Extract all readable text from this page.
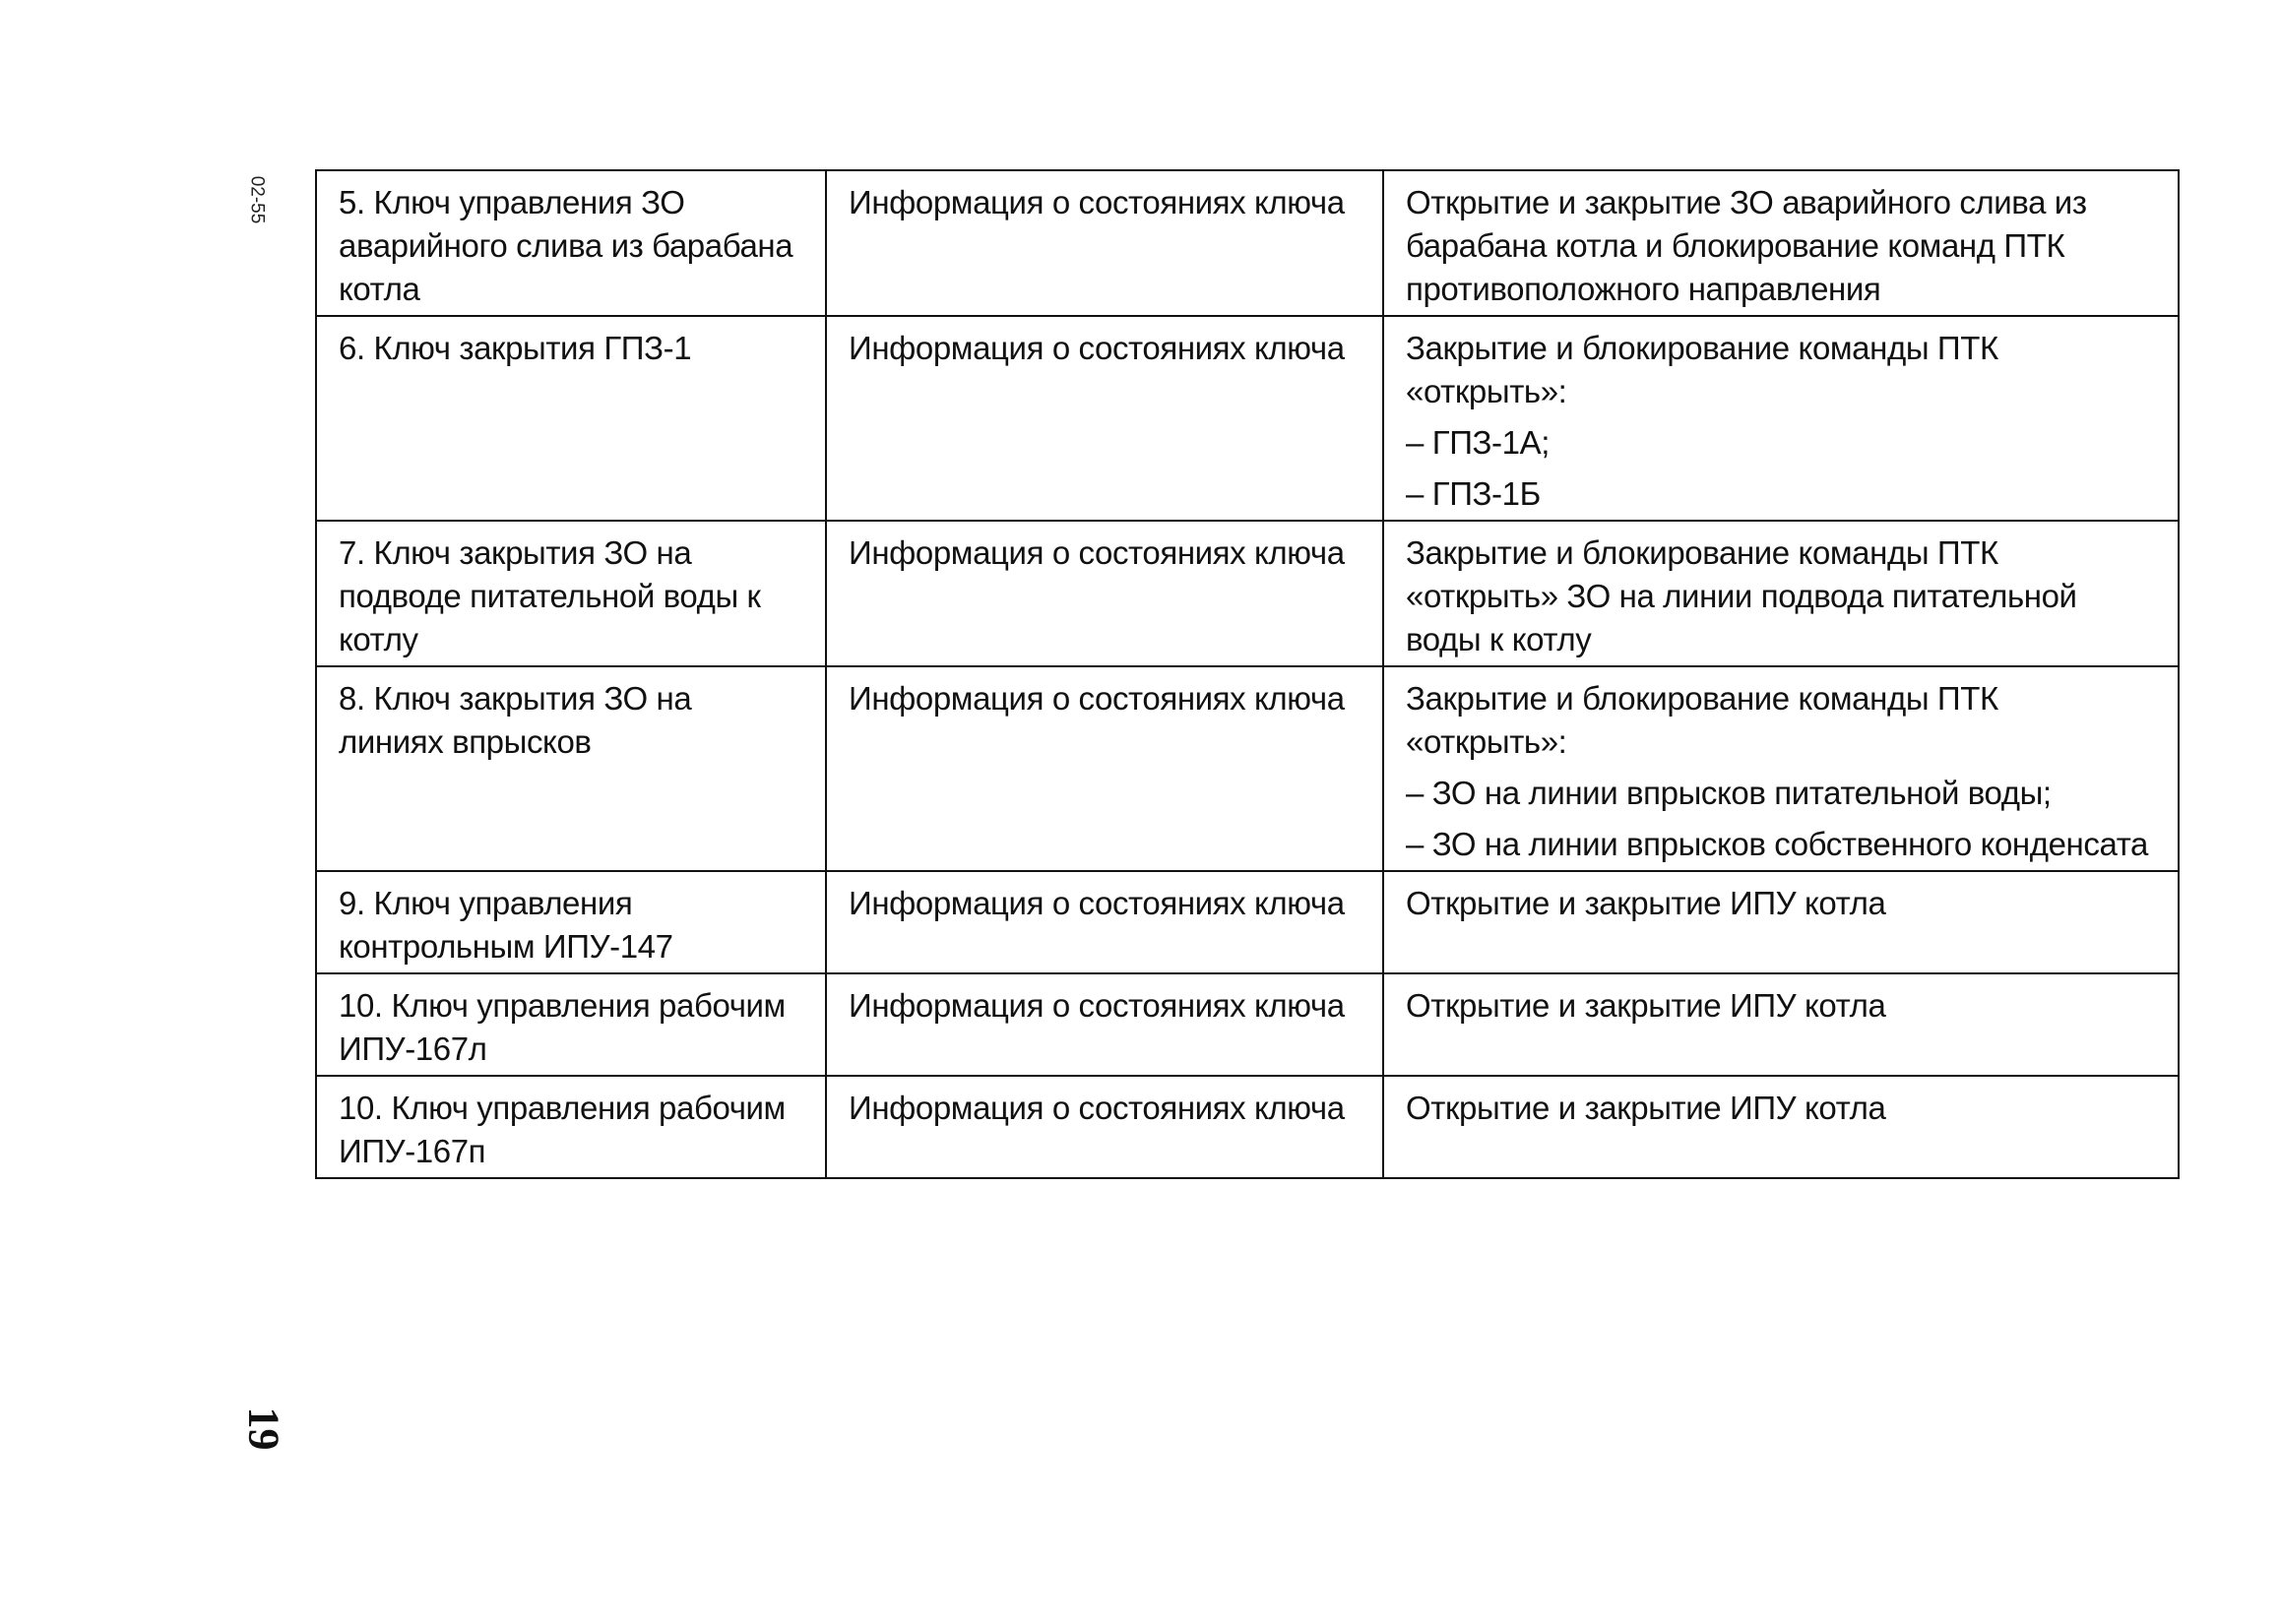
02-55
19
5. Ключ управления ЗО аварийного слива из барабана котла	Информация о состояниях ключа	Открытие и закрытие ЗО аварийного слива из барабана котла и блокирование команд ПТК противоположного направления
6. Ключ закрытия ГПЗ-1	Информация о состояниях ключа	Закрытие и блокирование команды ПТК «открыть»:
– ГПЗ-1А;
– ГПЗ-1Б

7. Ключ закрытия ЗО на подводе питательной воды к котлу	Информация о состояниях ключа	Закрытие и блокирование команды ПТК «открыть» ЗО на линии подвода питательной воды к котлу
8. Ключ закрытия ЗО на линиях впрысков	Информация о состояниях ключа	Закрытие и блокирование команды ПТК «открыть»:
– ЗО на линии впрысков питательной воды;
– ЗО на линии впрысков собственного конденсата

9. Ключ управления контрольным ИПУ-147	Информация о состояниях ключа	Открытие и закрытие ИПУ котла
10. Ключ управления рабочим ИПУ-167л	Информация о состояниях ключа	Открытие и закрытие ИПУ котла
10. Ключ управления рабочим ИПУ-167п	Информация о состояниях ключа	Открытие и закрытие ИПУ котла
